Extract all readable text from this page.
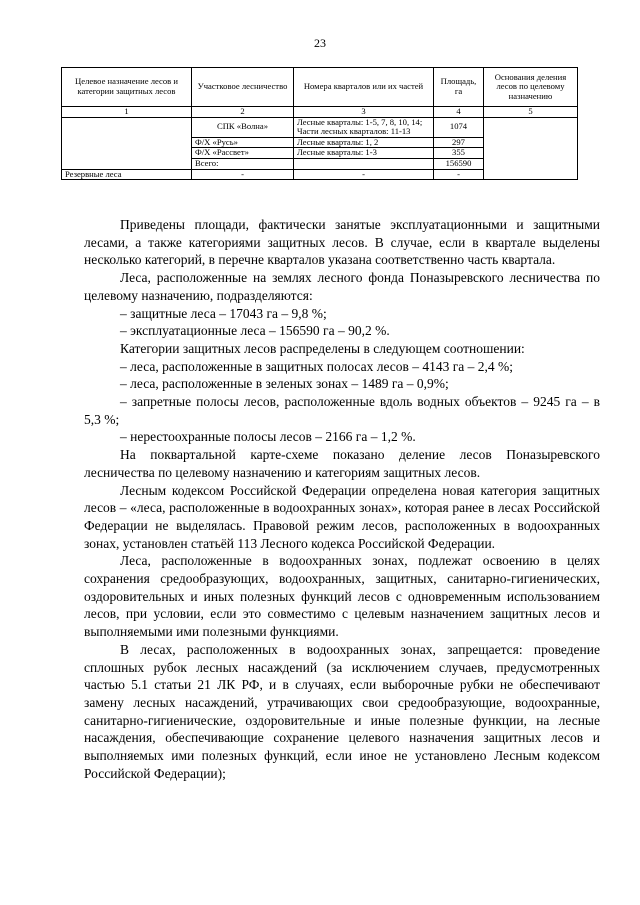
23
Целевое назначение лесов и категории защитных лесов	Участковое лесничество	Номера кварталов или их частей	Площадь, га	Основания деления лесов по целевому назначению
1	2	3	4	5
	СПК «Волна»	Лесные кварталы: 1-5, 7, 8, 10, 14;
Части лесных кварталов: 11-13	1074	
	Ф/Х «Русь»	Лесные кварталы: 1, 2	297	
	Ф/Х «Рассвет»	Лесные кварталы: 1-3	355	
	Всего:		156590	
Резервные леса	-	-	-	

Приведены площади, фактически занятые эксплуатационными и защитными лесами, а также категориями защитных лесов. В случае, если в квартале выделены несколько категорий, в перечне кварталов указана соответственно часть квартала.

Леса, расположенные на землях лесного фонда Поназыревского лесничества по целевому назначению, подразделяются:

– защитные леса – 17043 га – 9,8 %;

– эксплуатационные леса – 156590 га – 90,2 %.

Категории защитных лесов распределены в следующем соотношении:

– леса, расположенные в защитных полосах лесов – 4143 га – 2,4 %;

– леса, расположенные в зеленых зонах – 1489 га – 0,9%;

– запретные полосы лесов, расположенные вдоль водных объектов – 9245 га – в 5,3 %;

– нерестоохранные полосы лесов – 2166 га – 1,2 %.

На поквартальной карте-схеме показано деление лесов Поназыревского лесничества по целевому назначению и категориям защитных лесов.

Лесным кодексом Российской Федерации определена новая категория защитных лесов – «леса, расположенные в водоохранных зонах», которая ранее в лесах Российской Федерации не выделялась. Правовой режим лесов, расположенных в водоохранных зонах, установлен статьёй 113 Лесного кодекса Российской Федерации.

Леса, расположенные в водоохранных зонах, подлежат освоению в целях сохранения средообразующих, водоохранных, защитных, санитарно-гигиенических, оздоровительных и иных полезных функций лесов с одновременным использованием лесов, при условии, если это совместимо с целевым назначением защитных лесов и выполняемыми ими полезными функциями.

В лесах, расположенных в водоохранных зонах, запрещается: проведение сплошных рубок лесных насаждений (за исключением случаев, предусмотренных частью 5.1 статьи 21 ЛК РФ, и в случаях, если выборочные рубки не обеспечивают замену лесных насаждений, утрачивающих свои средообразующие, водоохранные, санитарно-гигиенические, оздоровительные и иные полезные функции, на лесные насаждения, обеспечивающие сохранение целевого назначения защитных лесов и выполняемых ими полезных функций, если иное не установлено Лесным кодексом Российской Федерации);
